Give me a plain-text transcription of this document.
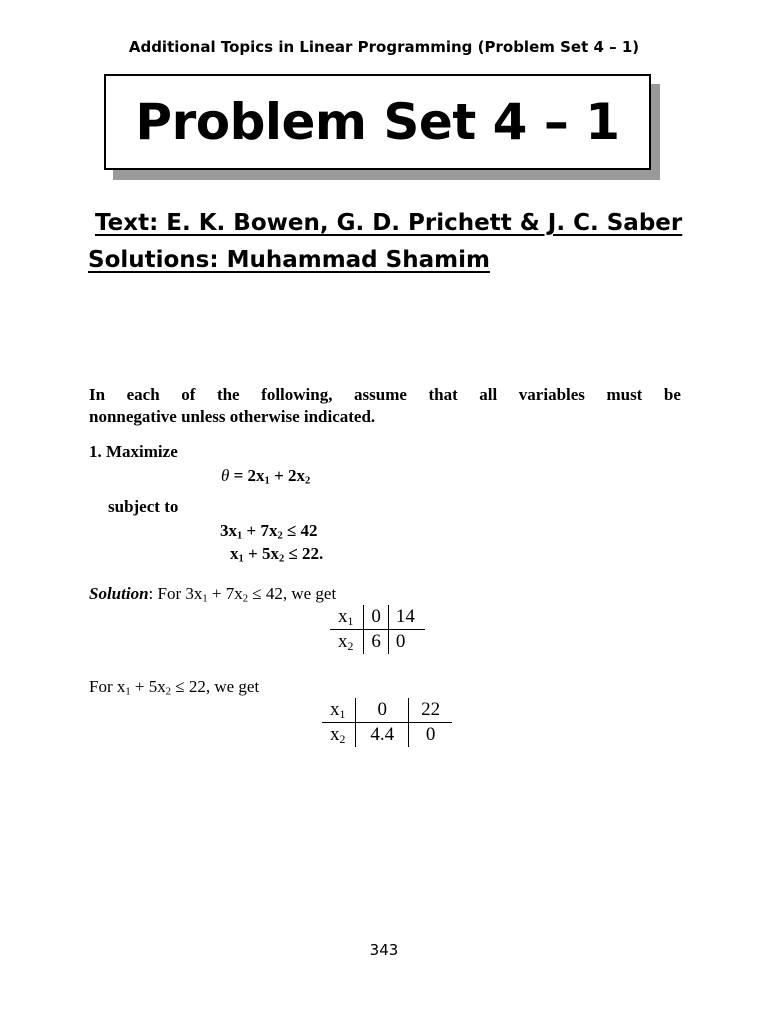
Additional Topics in Linear Programming (Problem Set 4 – 1)
Problem Set 4 – 1
Text: E. K. Bowen, G. D. Prichett & J. C. Saber
Solutions: Muhammad Shamim
In each of the following, assume that all variables must be
nonnegative unless otherwise indicated.
1. Maximize
$\theta = 2x_1 + 2x_2$
subject to
$3x_1 + 7x_2 \le 42$
$x_1 + 5x_2 \le 22$.
Solution: For $3x_1 + 7x_2 \le 42$, we get
$x_1$	0	14
$x_2$	6	0
For $x_1 + 5x_2 \le 22$, we get
$x_1$	0	22
$x_2$	4.4	0
343
